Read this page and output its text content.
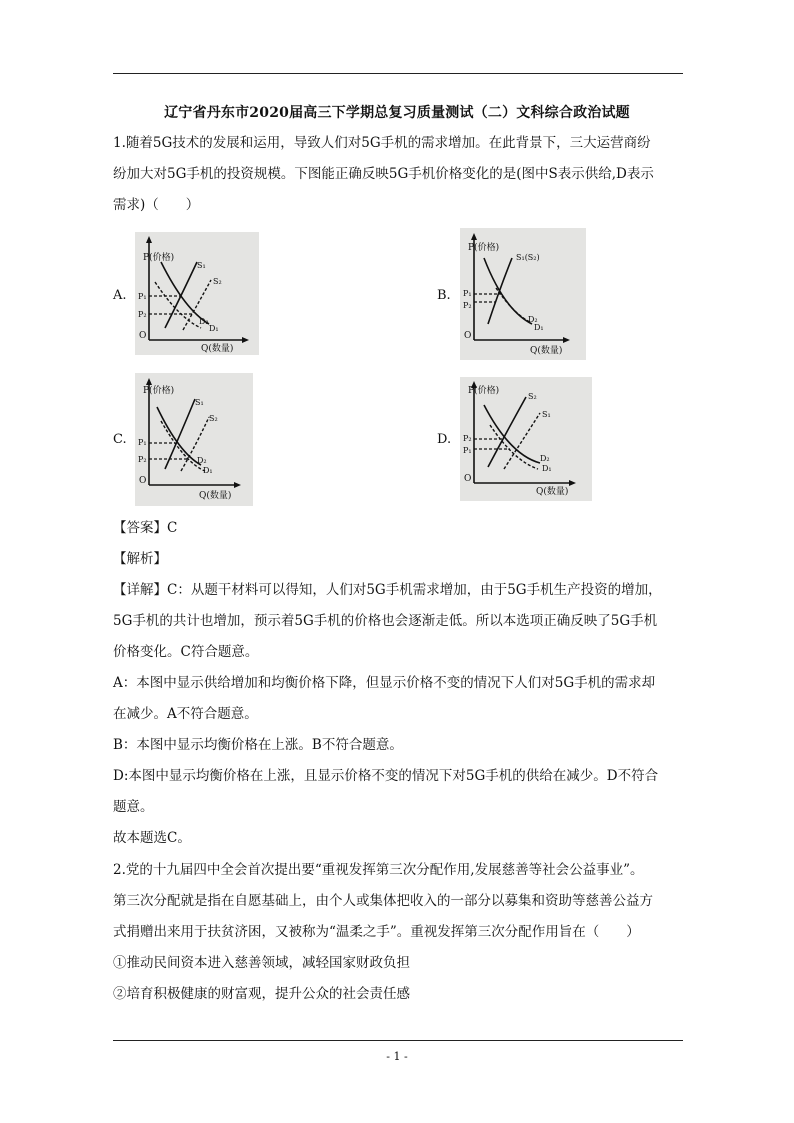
辽宁省丹东市2020届高三下学期总复习质量测试（二）文科综合政治试题
1.随着5G技术的发展和运用，导致人们对5G手机的需求增加。在此背景下，三大运营商纷
纷加大对5G手机的投资规模。下图能正确反映5G手机价格变化的是(图中S表示供给,D表示
需求)（　　）
A.
P(价格)
Q(数量)
O
S₁
S₂
D₂
D₁
P₁
P₂
B.
P(价格)
Q(数量)
O
S₁(S₂)
D₂
D₁
P₁
P₂
C.
P(价格)
Q(数量)
O
S₁
S₂
D₂
D₁
P₁
P₂
D.
P(价格)
Q(数量)
O
S₂
S₁
D₂
D₁
P₂
P₁
【答案】C
【解析】
【详解】C：从题干材料可以得知，人们对5G手机需求增加，由于5G手机生产投资的增加，
5G手机的共计也增加，预示着5G手机的价格也会逐渐走低。所以本选项正确反映了5G手机
价格变化。C符合题意。
A：本图中显示供给增加和均衡价格下降，但显示价格不变的情况下人们对5G手机的需求却
在减少。A不符合题意。
B：本图中显示均衡价格在上涨。B不符合题意。
D:本图中显示均衡价格在上涨，且显示价格不变的情况下对5G手机的供给在减少。D不符合
题意。
故本题选C。
2.党的十九届四中全会首次提出要“重视发挥第三次分配作用,发展慈善等社会公益事业”。
第三次分配就是指在自愿基础上，由个人或集体把收入的一部分以募集和资助等慈善公益方
式捐赠出来用于扶贫济困，又被称为“温柔之手”。重视发挥第三次分配作用旨在（　　）
①推动民间资本进入慈善领域，减轻国家财政负担
②培育积极健康的财富观，提升公众的社会责任感
- 1 -
